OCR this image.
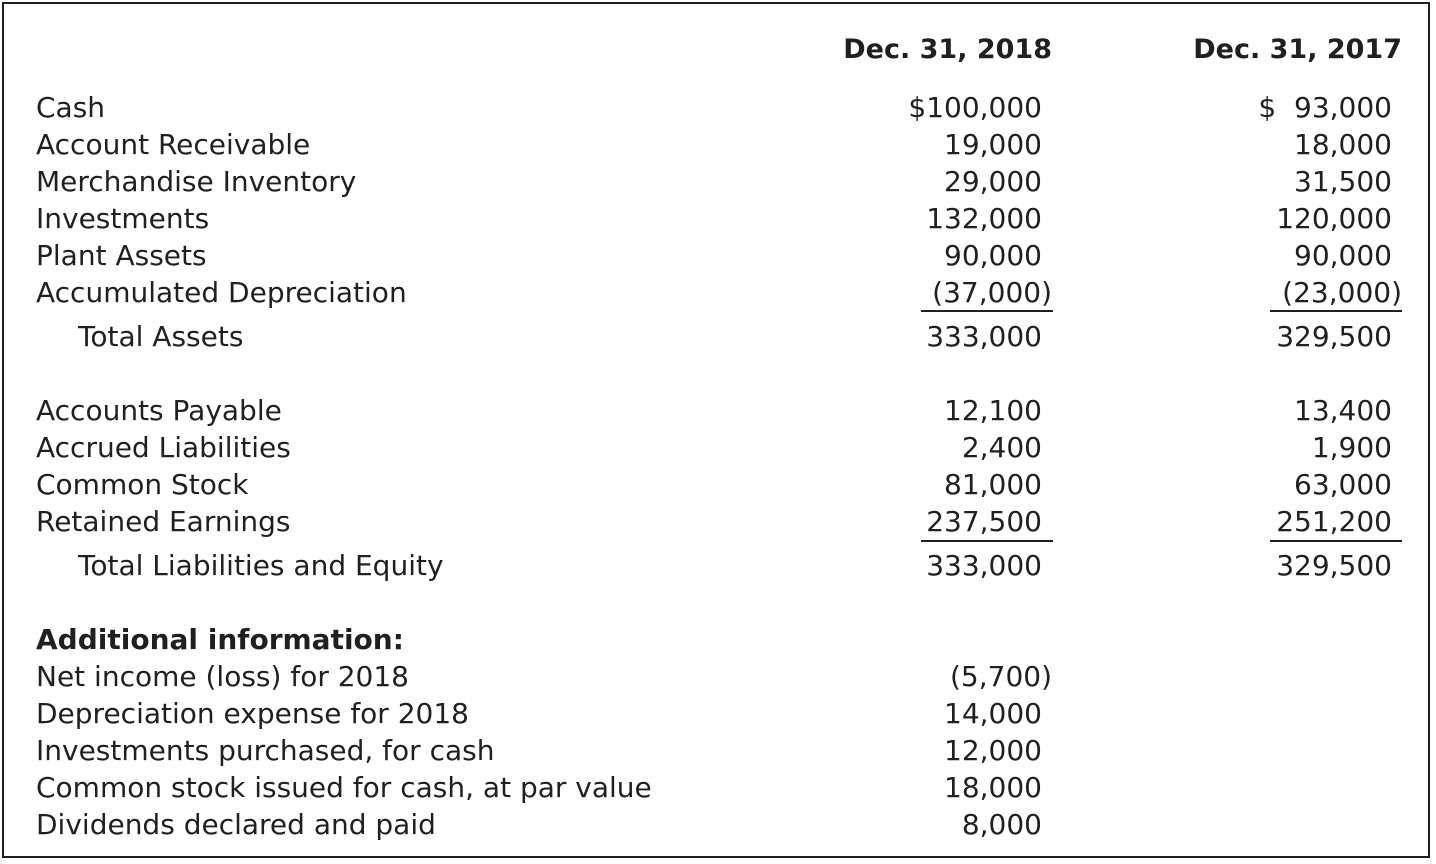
Dec. 31, 2018	Dec. 31, 2017
Cash	$100,000	$  93,000
Account Receivable	19,000	18,000
Merchandise Inventory	29,000	31,500
Investments	132,000	120,000
Plant Assets	90,000	90,000
Accumulated Depreciation	(37,000)	(23,000)
Total Assets	333,000	329,500
Accounts Payable	12,100	13,400
Accrued Liabilities	2,400	1,900
Common Stock	81,000	63,000
Retained Earnings	237,500	251,200
Total Liabilities and Equity	333,000	329,500
Additional information:
Net income (loss) for 2018	(5,700)
Depreciation expense for 2018	14,000
Investments purchased, for cash	12,000
Common stock issued for cash, at par value	18,000
Dividends declared and paid	8,000
